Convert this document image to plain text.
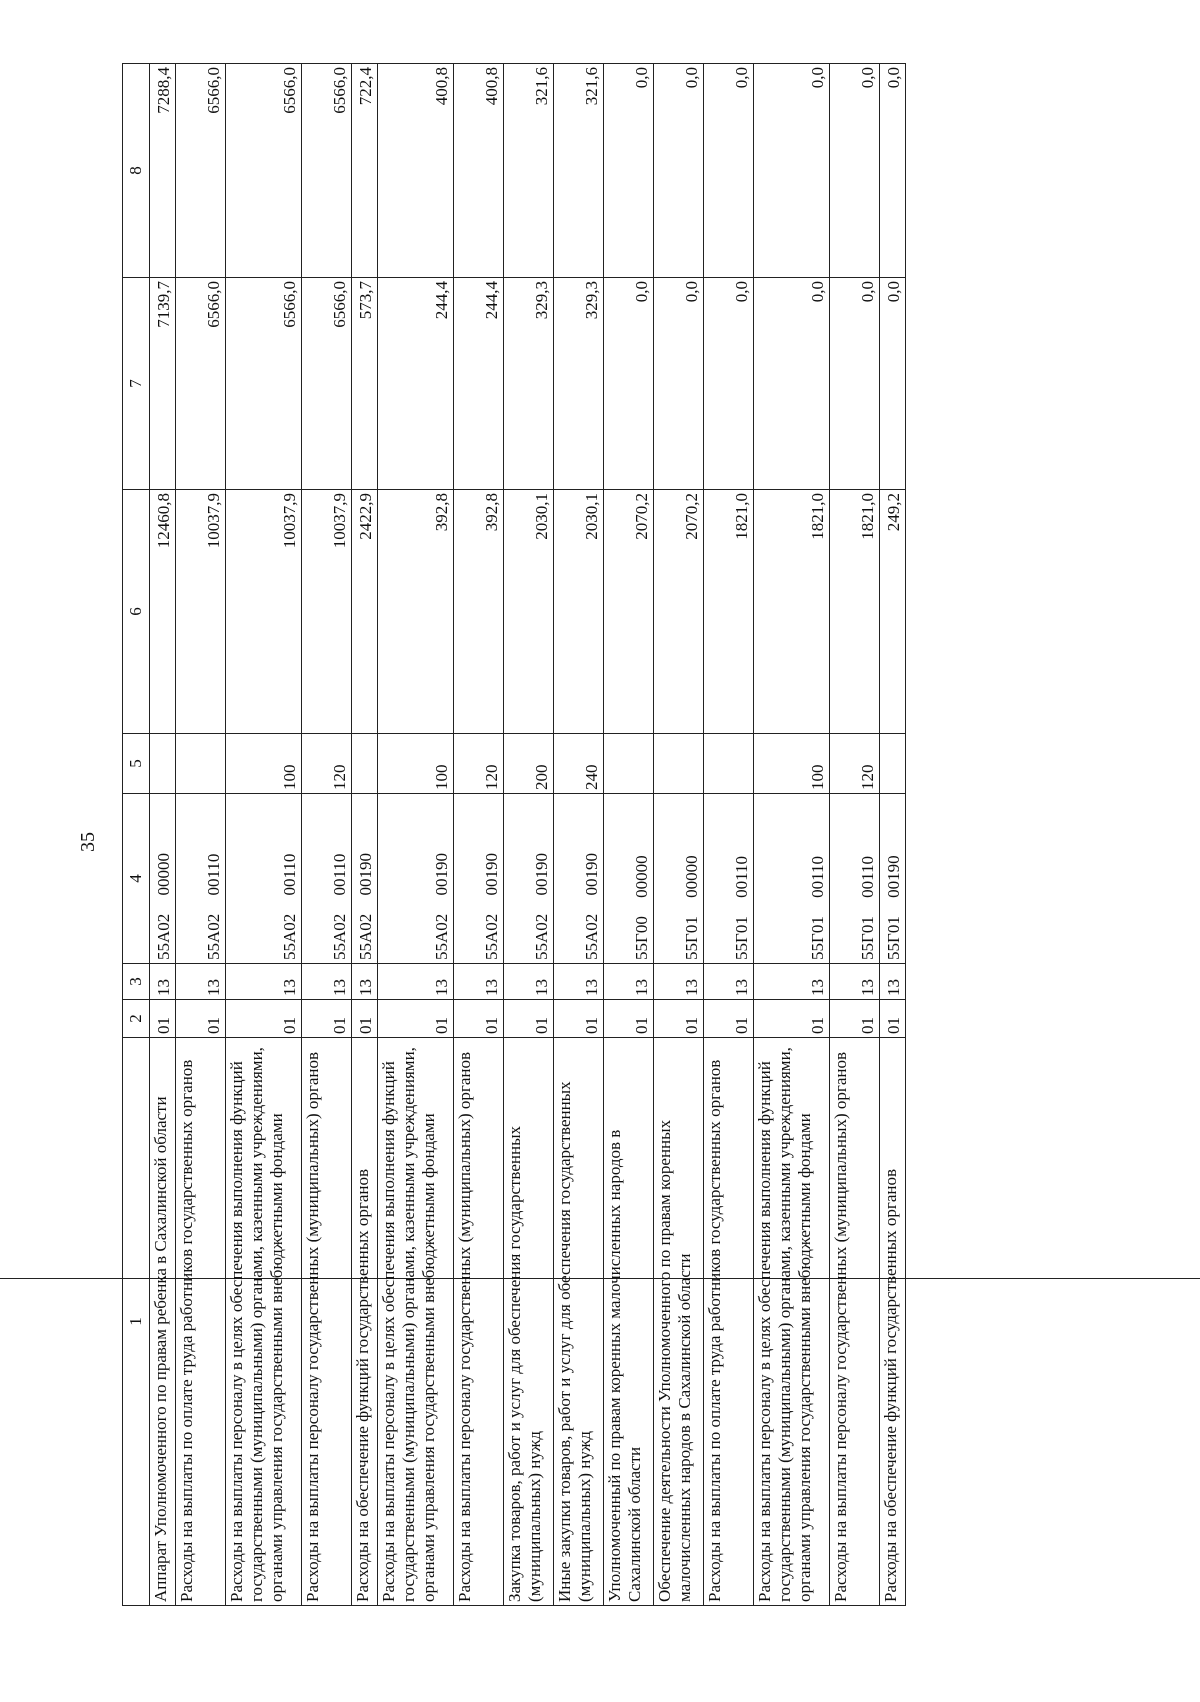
35
1	2	3	4	5	6	7	8
Аппарат Уполномоченного по правам ребенка в Сахалинской области	01	13	55А02 00000		12460,8	7139,7	7288,4
Расходы на выплаты по оплате труда работников государственных органов	01	13	55А02 00110		10037,9	6566,0	6566,0
Расходы на выплаты персоналу в целях обеспечения выполнения функций государственными (муниципальными) органами, казенными учреждениями, органами управления государственными внебюджетными фондами	01	13	55А02 00110	100	10037,9	6566,0	6566,0
Расходы на выплаты персоналу государственных (муниципальных) органов	01	13	55А02 00110	120	10037,9	6566,0	6566,0
Расходы на обеспечение функций государственных органов	01	13	55А02 00190		2422,9	573,7	722,4
Расходы на выплаты персоналу в целях обеспечения выполнения функций государственными (муниципальными) органами, казенными учреждениями, органами управления государственными внебюджетными фондами	01	13	55А02 00190	100	392,8	244,4	400,8
Расходы на выплаты персоналу государственных (муниципальных) органов	01	13	55А02 00190	120	392,8	244,4	400,8
Закупка товаров, работ и услуг для обеспечения государственных (муниципальных) нужд	01	13	55А02 00190	200	2030,1	329,3	321,6
Иные закупки товаров, работ и услуг для обеспечения государственных (муниципальных) нужд	01	13	55А02 00190	240	2030,1	329,3	321,6
Уполномоченный по правам коренных малочисленных народов в Сахалинской области	01	13	55Г00 00000		2070,2	0,0	0,0
Обеспечение деятельности Уполномоченного по правам коренных малочисленных народов в Сахалинской области	01	13	55Г01 00000		2070,2	0,0	0,0
Расходы на выплаты по оплате труда работников государственных органов	01	13	55Г01 00110		1821,0	0,0	0,0
Расходы на выплаты персоналу в целях обеспечения выполнения функций государственными (муниципальными) органами, казенными учреждениями, органами управления государственными внебюджетными фондами	01	13	55Г01 00110	100	1821,0	0,0	0,0
Расходы на выплаты персоналу государственных (муниципальных) органов	01	13	55Г01 00110	120	1821,0	0,0	0,0
Расходы на обеспечение функций государственных органов	01	13	55Г01 00190		249,2	0,0	0,0
